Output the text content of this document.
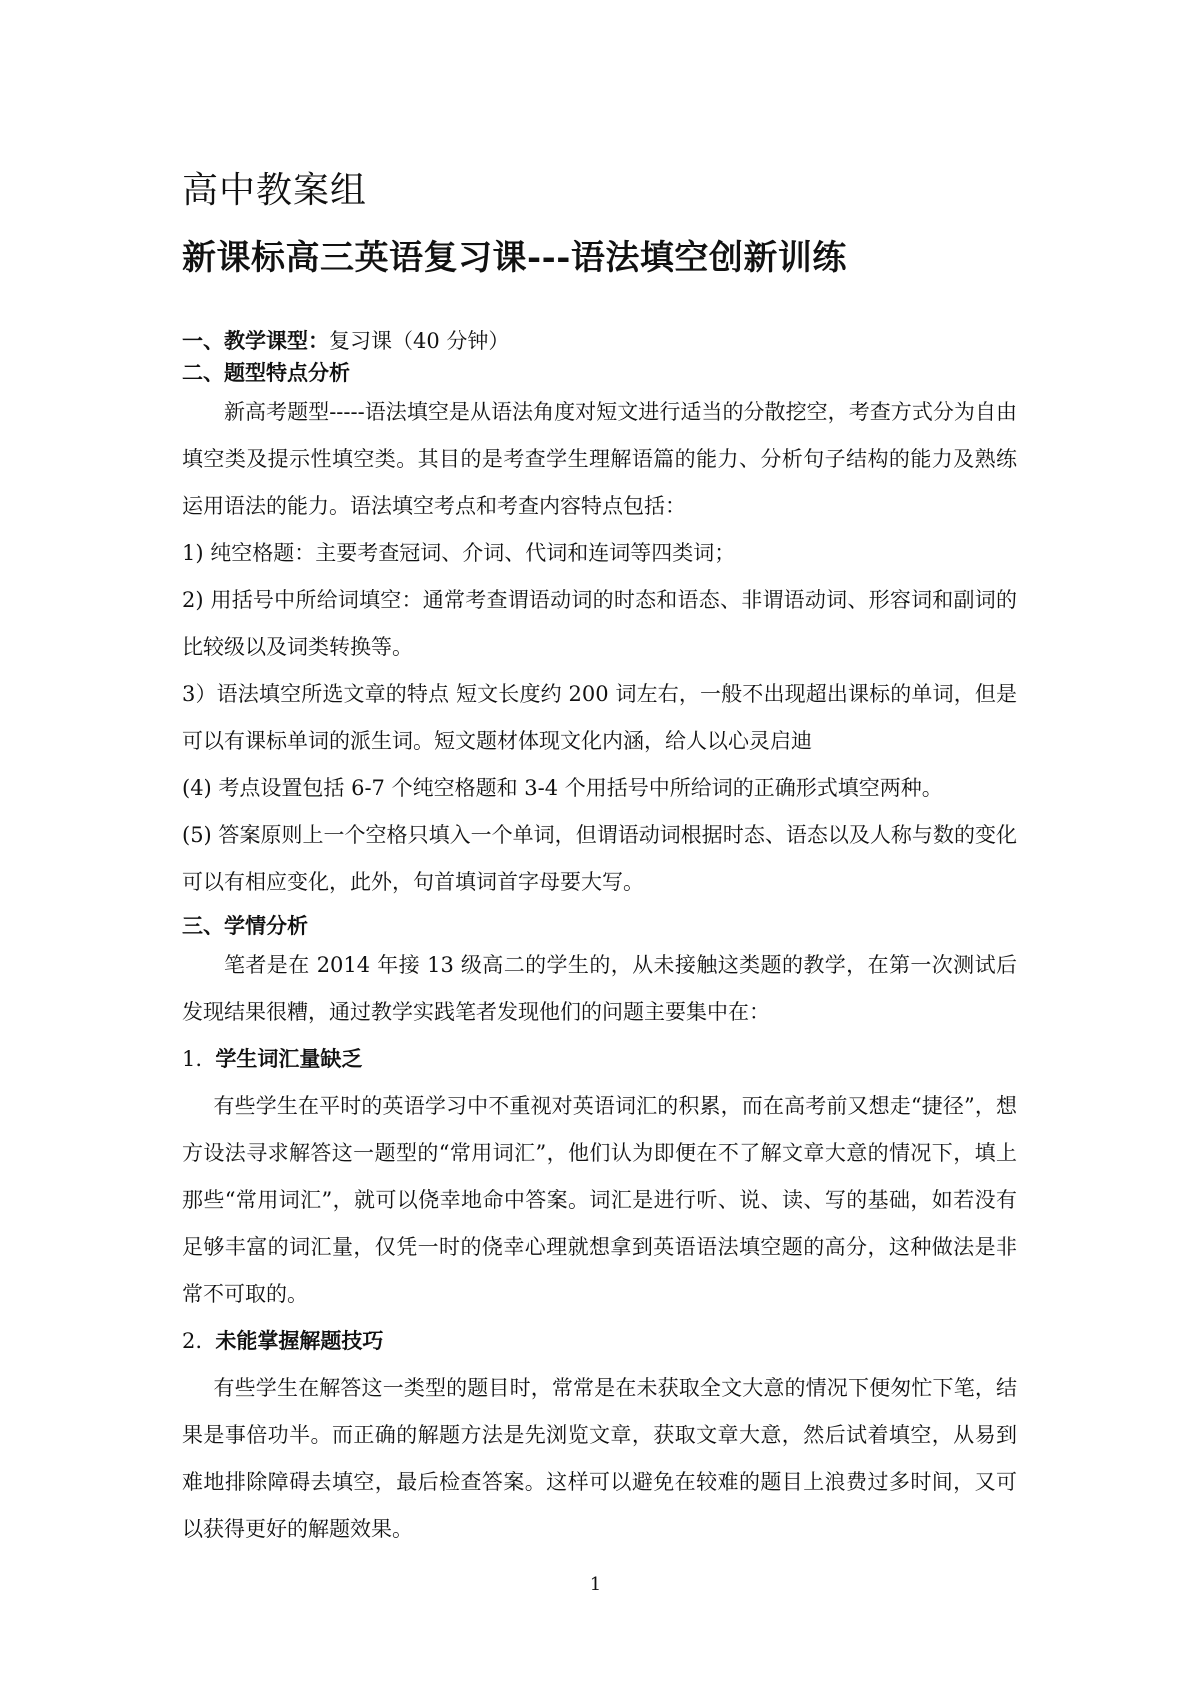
高中教案组
新课标高三英语复习课---语法填空创新训练

一、教学课型：复习课（40 分钟）

二、题型特点分析

新高考题型-----语法填空是从语法角度对短文进行适当的分散挖空，考查方式分为自由填空类及提示性填空类。其目的是考查学生理解语篇的能力、分析句子结构的能力及熟练运用语法的能力。语法填空考点和考查内容特点包括：

1) 纯空格题：主要考查冠词、介词、代词和连词等四类词；

2) 用括号中所给词填空：通常考查谓语动词的时态和语态、非谓语动词、形容词和副词的比较级以及词类转换等。

3）语法填空所选文章的特点 短文长度约 200 词左右，一般不出现超出课标的单词，但是可以有课标单词的派生词。短文题材体现文化内涵，给人以心灵启迪

(4) 考点设置包括 6-7 个纯空格题和 3-4 个用括号中所给词的正确形式填空两种。

(5) 答案原则上一个空格只填入一个单词，但谓语动词根据时态、语态以及人称与数的变化可以有相应变化，此外，句首填词首字母要大写。

三、学情分析

笔者是在 2014 年接 13 级高二的学生的，从未接触这类题的教学，在第一次测试后发现结果很糟，通过教学实践笔者发现他们的问题主要集中在：

1. 学生词汇量缺乏

有些学生在平时的英语学习中不重视对英语词汇的积累，而在高考前又想走“捷径”，想方设法寻求解答这一题型的“常用词汇”，他们认为即便在不了解文章大意的情况下，填上那些“常用词汇”，就可以侥幸地命中答案。词汇是进行听、说、读、写的基础，如若没有足够丰富的词汇量，仅凭一时的侥幸心理就想拿到英语语法填空题的高分，这种做法是非常不可取的。

2. 未能掌握解题技巧

有些学生在解答这一类型的题目时，常常是在未获取全文大意的情况下便匆忙下笔，结果是事倍功半。而正确的解题方法是先浏览文章，获取文章大意，然后试着填空，从易到难地排除障碍去填空，最后检查答案。这样可以避免在较难的题目上浪费过多时间，又可以获得更好的解题效果。

1
